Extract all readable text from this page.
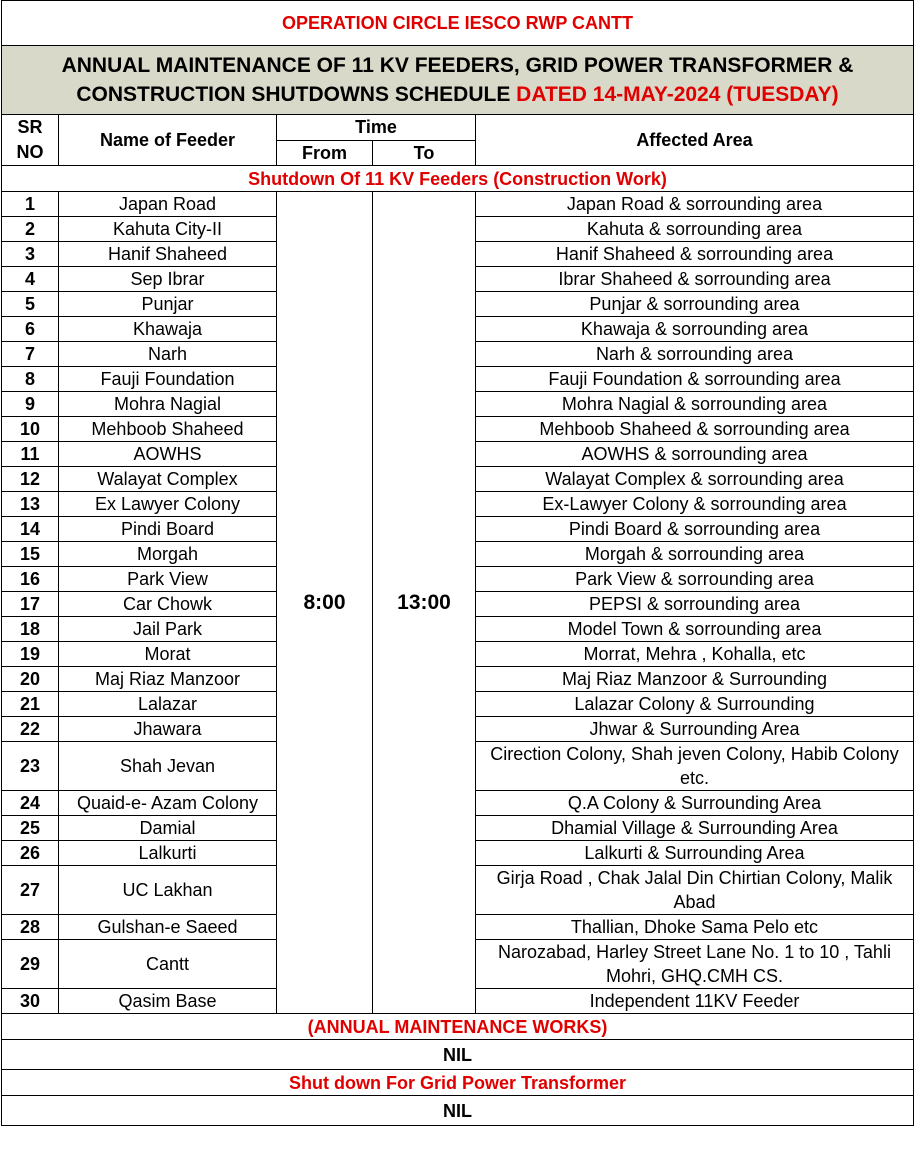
OPERATION CIRCLE IESCO RWP CANTT				
ANNUAL MAINTENANCE OF 11 KV FEEDERS, GRID POWER TRANSFORMER &
CONSTRUCTION SHUTDOWNS SCHEDULE DATED 14-MAY-2024 (TUESDAY)				
SR NO	Name of Feeder	Time		Affected Area
		From	To	
Shutdown Of 11 KV Feeders (Construction Work)				
1	Japan Road	8:00	13:00	Japan Road & sorrounding area
2	Kahuta City-II			Kahuta & sorrounding area
3	Hanif Shaheed			Hanif Shaheed & sorrounding area
4	Sep Ibrar			Ibrar Shaheed & sorrounding area
5	Punjar			Punjar & sorrounding area
6	Khawaja			Khawaja & sorrounding area
7	Narh			Narh & sorrounding area
8	Fauji Foundation			Fauji Foundation & sorrounding area
9	Mohra Nagial			Mohra Nagial & sorrounding area
10	Mehboob Shaheed			Mehboob Shaheed & sorrounding area
11	AOWHS			AOWHS & sorrounding area
12	Walayat Complex			Walayat Complex & sorrounding area
13	Ex Lawyer Colony			Ex-Lawyer Colony & sorrounding area
14	Pindi Board			Pindi Board & sorrounding area
15	Morgah			Morgah & sorrounding area
16	Park View			Park View & sorrounding area
17	Car Chowk			PEPSI & sorrounding area
18	Jail Park			Model Town & sorrounding area
19	Morat			Morrat, Mehra , Kohalla, etc
20	Maj Riaz Manzoor			Maj Riaz Manzoor & Surrounding
21	Lalazar			Lalazar Colony & Surrounding
22	Jhawara			Jhwar & Surrounding Area
23	Shah Jevan			Cirection Colony, Shah jeven Colony, Habib Colony etc.
24	Quaid-e- Azam Colony			Q.A Colony & Surrounding Area
25	Damial			Dhamial Village & Surrounding Area
26	Lalkurti			Lalkurti & Surrounding Area
27	UC Lakhan			Girja Road , Chak Jalal Din Chirtian Colony, Malik Abad
28	Gulshan-e Saeed			Thallian, Dhoke Sama Pelo etc
29	Cantt			Narozabad, Harley Street Lane No. 1 to 10 , Tahli Mohri, GHQ.CMH CS.
30	Qasim Base			Independent 11KV Feeder
(ANNUAL MAINTENANCE WORKS)				
NIL				
Shut down For Grid Power Transformer				
NIL				
